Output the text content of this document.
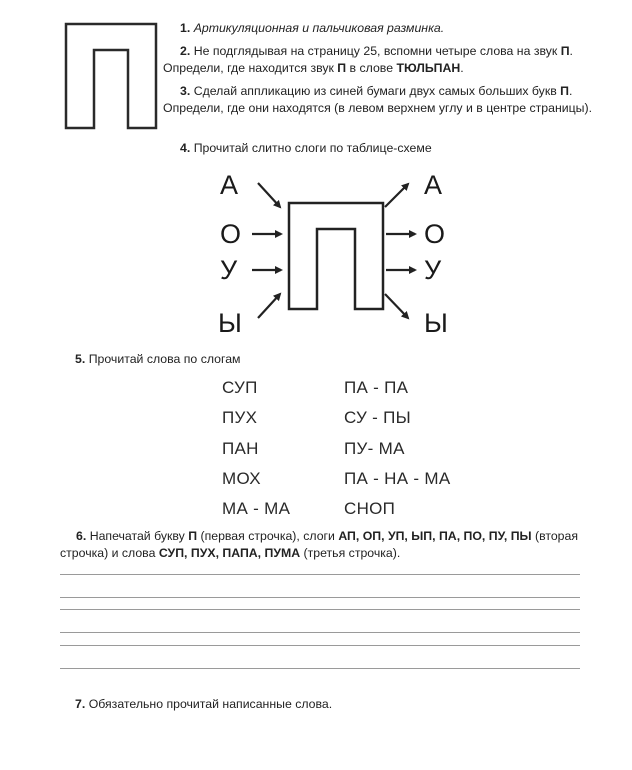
1. Артикуляционная и пальчиковая разминка.
2. Не подглядывая на страницу 25, вспомни четыре слова на звук П. Определи, где находится звук П в слове ТЮЛЬПАН.
3. Сделай аппликацию из синей бумаги двух самых больших букв П. Определи, где они находятся (в левом верхнем углу и в центре страницы).
4. Прочитай слитно слоги по таблице-схеме
А
О
У
Ы
А
О
У
Ы
5. Прочитай слова по слогам
СУП
ПУХ
ПАН
МОХ
МА - МА
ПА - ПА
СУ - ПЫ
ПУ- МА
ПА - НА - МА
СНОП
6. Напечатай букву П (первая строчка), слоги АП, ОП, УП, ЫП, ПА, ПО, ПУ, ПЫ (вторая строчка) и слова СУП, ПУХ, ПАПА, ПУМА (третья строчка).
7. Обязательно прочитай написанные слова.
